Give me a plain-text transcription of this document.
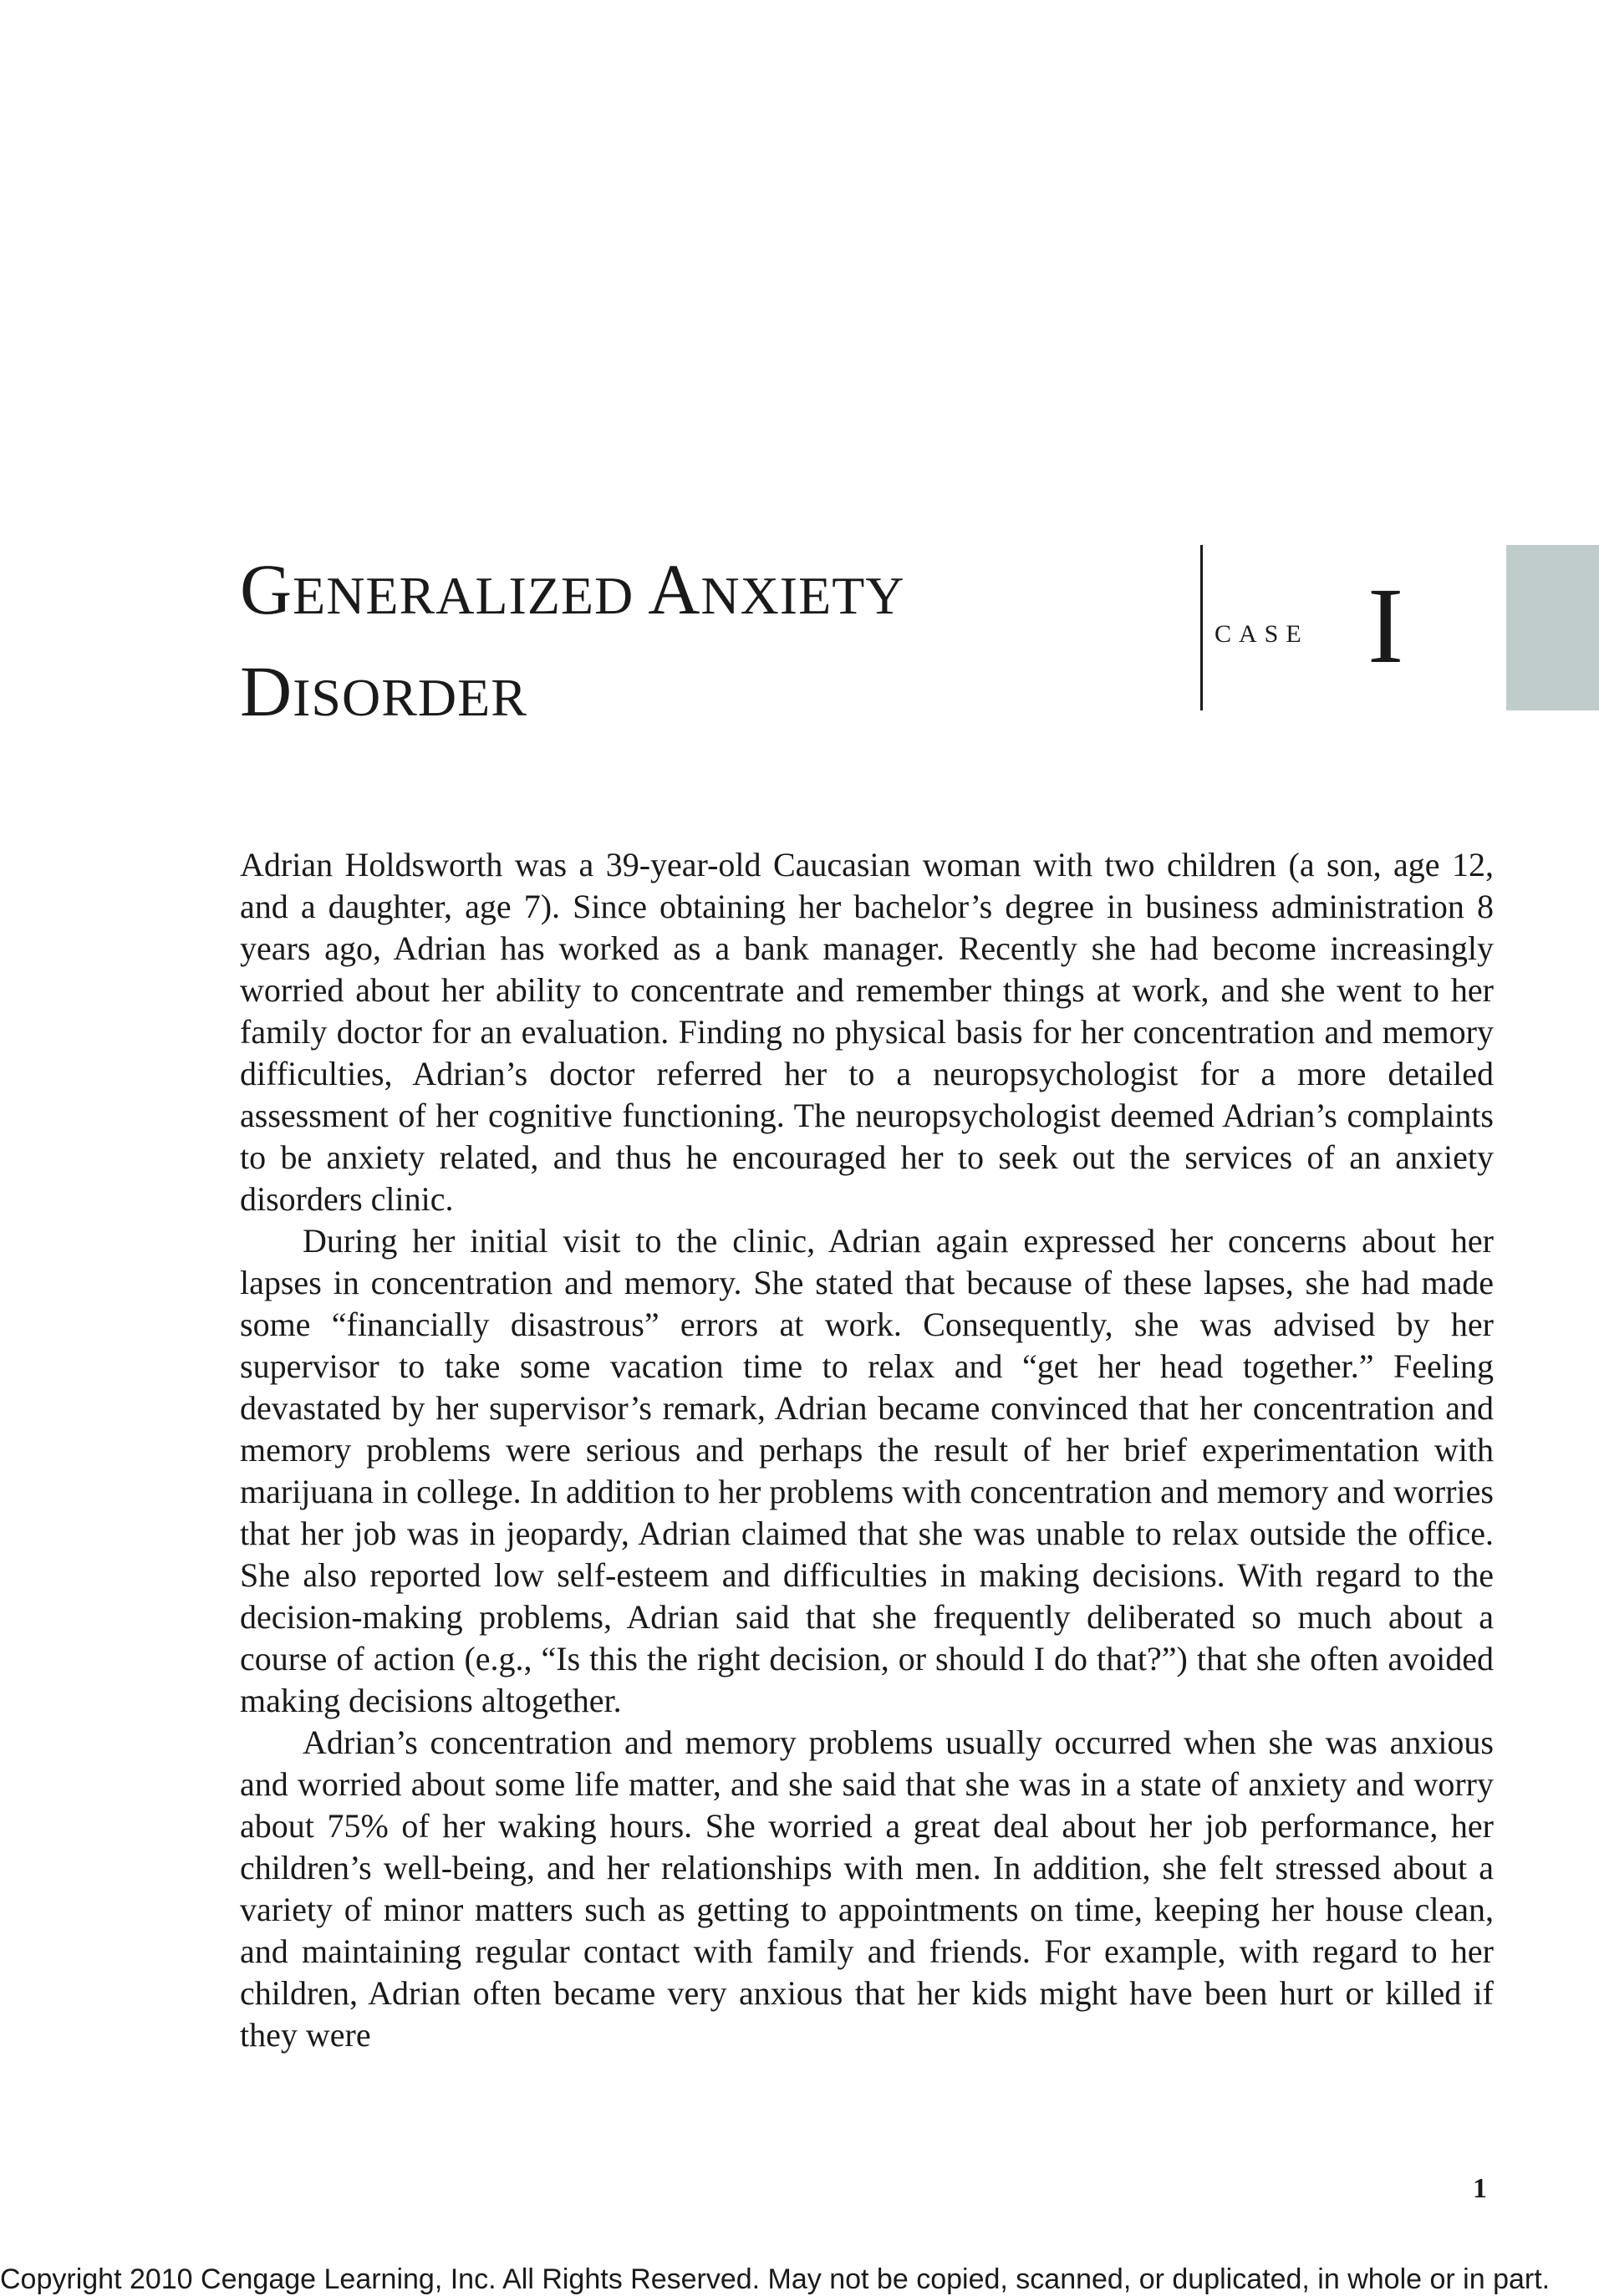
GENERALIZED ANXIETY
DISORDER
CASE I

Adrian Holdsworth was a 39-year-old Caucasian woman with two children (a son, age 12, and a daughter, age 7). Since obtaining her bachelor’s degree in business administration 8 years ago, Adrian has worked as a bank manager. Recently she had become increasingly worried about her ability to concentrate and remember things at work, and she went to her family doctor for an evaluation. Finding no physical basis for her concentration and memory difficulties, Adrian’s doctor referred her to a neuropsychologist for a more detailed assessment of her cognitive functioning. The neuropsychologist deemed Adrian’s complaints to be anxiety related, and thus he encouraged her to seek out the services of an anxiety disorders clinic.

During her initial visit to the clinic, Adrian again expressed her concerns about her lapses in concentration and memory. She stated that because of these lapses, she had made some “financially disastrous” errors at work. Consequently, she was advised by her supervisor to take some vacation time to relax and “get her head together.” Feeling devastated by her supervisor’s remark, Adrian became convinced that her concentration and memory problems were serious and perhaps the result of her brief experimentation with marijuana in college. In addition to her problems with concentration and memory and worries that her job was in jeopardy, Adrian claimed that she was unable to relax outside the office. She also reported low self-esteem and difficulties in making decisions. With regard to the decision-making problems, Adrian said that she frequently deliberated so much about a course of action (e.g., “Is this the right decision, or should I do that?”) that she often avoided making decisions altogether.

Adrian’s concentration and memory problems usually occurred when she was anxious and worried about some life matter, and she said that she was in a state of anxiety and worry about 75% of her waking hours. She worried a great deal about her job performance, her children’s well-being, and her relationships with men. In addition, she felt stressed about a variety of minor matters such as getting to appointments on time, keeping her house clean, and maintaining regular contact with family and friends. For example, with regard to her children, Adrian often became very anxious that her kids might have been hurt or killed if they were

1
Copyright 2010 Cengage Learning, Inc. All Rights Reserved. May not be copied, scanned, or duplicated, in whole or in part.
